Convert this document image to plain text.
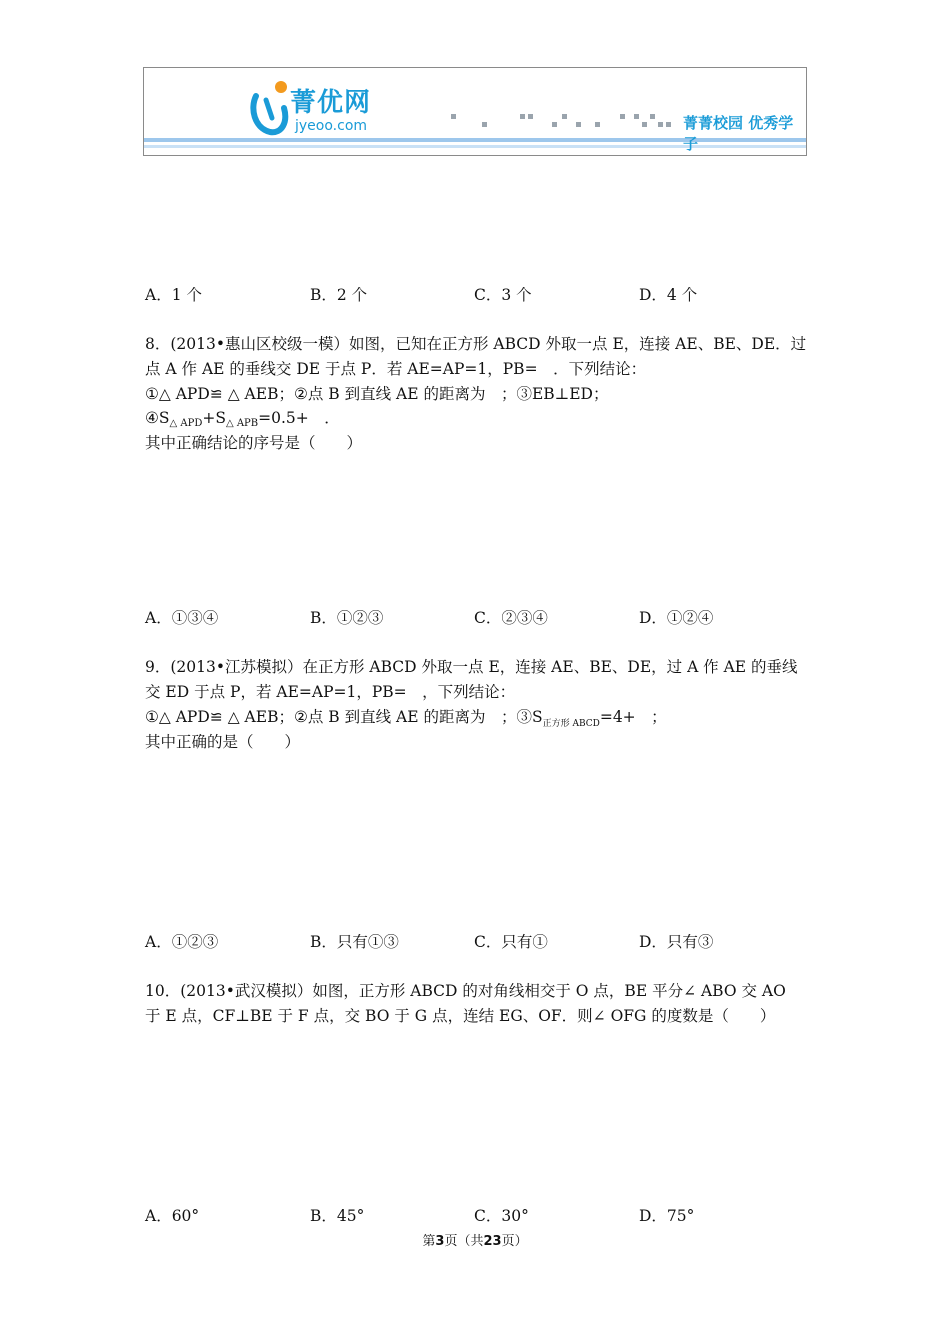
菁优网
jyeoo.com	菁菁校园 优秀学子
A．1 个	B．2 个	C．3 个	D．4 个
8．(2013•惠山区校级一模）如图，已知在正方形 ABCD 外取一点 E，连接 AE、BE、DE．过
点 A 作 AE 的垂线交 DE 于点 P．若 AE=AP=1，PB=　．下列结论：
①△ APD≌ △ AEB；②点 B 到直线 AE 的距离为　；③EB⊥ED；
$④S_{\triangle APD}+S_{\triangle APB}=0.5+$　．
其中正确结论的序号是（　　）
A．①③④	B．①②③	C．②③④	D．①②④
9．(2013•江苏模拟）在正方形 ABCD 外取一点 E，连接 AE、BE、DE，过 A 作 AE 的垂线
交 ED 于点 P，若 AE=AP=1，PB=　，下列结论：
①△ APD≌ △ AEB；②点 B 到直线 AE 的距离为　；$③S_{正方形 ABCD}=4+$　；
其中正确的是（　　）
A．①②③	B．只有①③	C．只有①	D．只有③
10．(2013•武汉模拟）如图，正方形 ABCD 的对角线相交于 O 点，BE 平分∠ ABO 交 AO
于 E 点，CF⊥BE 于 F 点，交 BO 于 G 点，连结 EG、OF．则∠ OFG 的度数是（　　）
A．60°	B．45°	C．30°	D．75°
第3页（共23页）
